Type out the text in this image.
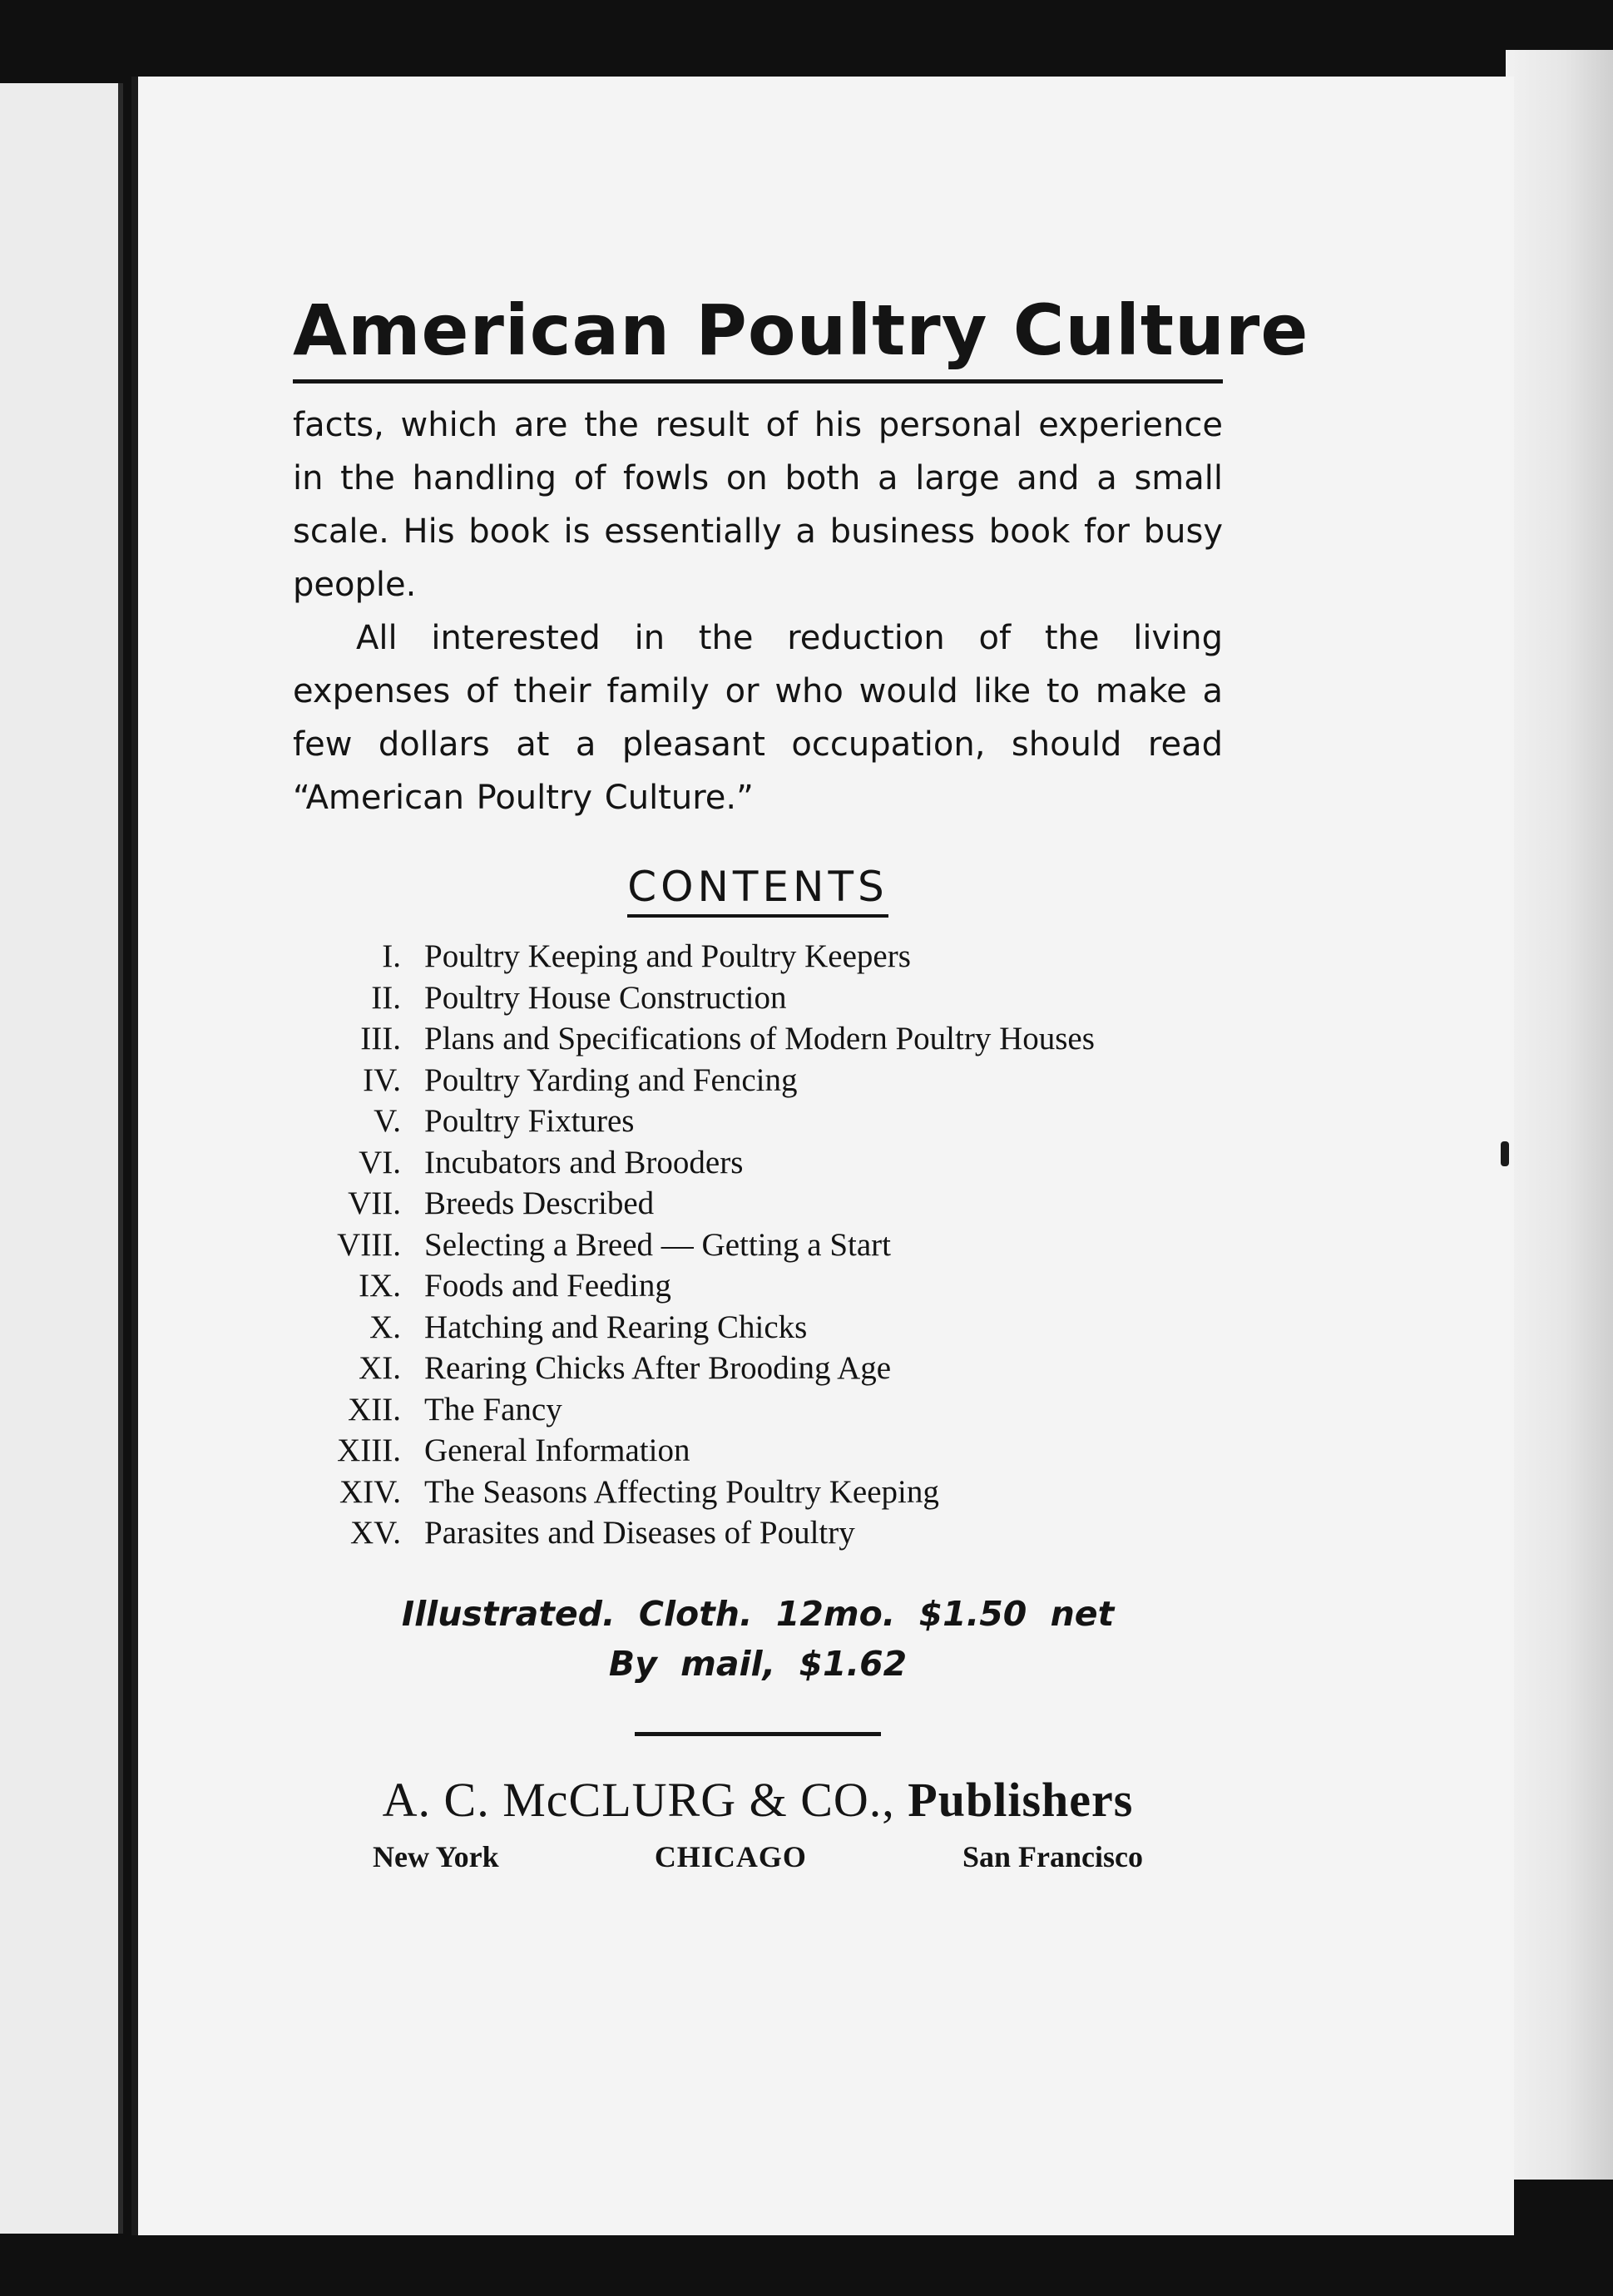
American Poultry Culture

facts, which are the result of his personal experience in the handling of fowls on both a large and a small scale. His book is essentially a business book for busy people.

All interested in the reduction of the living expenses of their family or who would like to make a few dollars at a pleasant occupation, should read “American Poultry Culture.”

CONTENTS
I. Poultry Keeping and Poultry Keepers
II. Poultry House Construction
III. Plans and Specifications of Modern Poultry Houses
IV. Poultry Yarding and Fencing
V. Poultry Fixtures
VI. Incubators and Brooders
VII. Breeds Described
VIII. Selecting a Breed — Getting a Start
IX. Foods and Feeding
X. Hatching and Rearing Chicks
XI. Rearing Chicks After Brooding Age
XII. The Fancy
XIII. General Information
XIV. The Seasons Affecting Poultry Keeping
XV. Parasites and Diseases of Poultry
Illustrated. Cloth. 12mo. $1.50 net
By mail, $1.62
A. C. McCLURG & CO., Publishers
New York	CHICAGO	San Francisco
